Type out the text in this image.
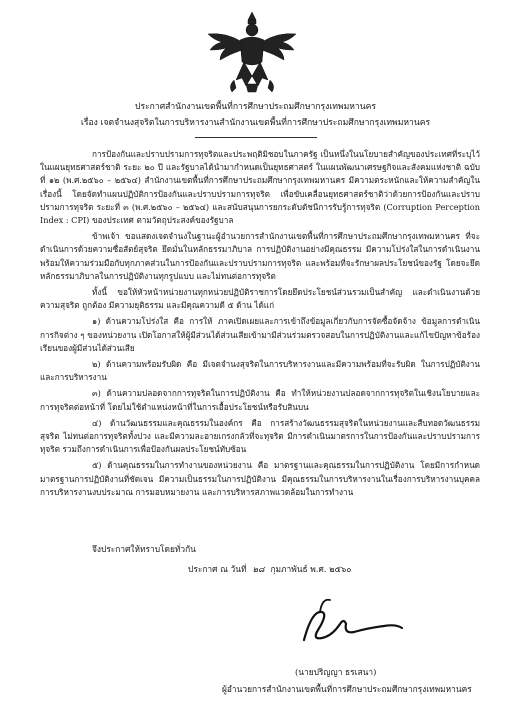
ประกาศสำนักงานเขตพื้นที่การศึกษาประถมศึกษากรุงเทพมหานคร
เรื่อง เจตจำนงสุจริตในการบริหารงานสำนักงานเขตพื้นที่การศึกษาประถมศึกษากรุงเทพมหานคร

การป้องกันและปราบปรามการทุจริตและประพฤติมิชอบในภาครัฐ เป็นหนึ่งในนโยบายสำคัญของประเทศที่ระบุไว้ในแผนยุทธศาสตร์ชาติ ระยะ ๒๐ ปี และรัฐบาลได้นำมากำหนดเป็นยุทธศาสตร์ ในแผนพัฒนาเศรษฐกิจและสังคมแห่งชาติ ฉบับที่ ๑๒ (พ.ศ.๒๕๖๐ – ๒๕๖๔) สำนักงานเขตพื้นที่การศึกษาประถมศึกษากรุงเทพมหานคร มีความตระหนักและให้ความสำคัญในเรื่องนี้ โดยจัดทำแผนปฏิบัติการป้องกันและปราบปรามการทุจริต เพื่อขับเคลื่อนยุทธศาสตร์ชาติว่าด้วยการป้องกันและปราบปรามการทุจริต ระยะที่ ๓ (พ.ศ.๒๕๖๐ – ๒๕๖๔) และสนับสนุนการยกระดับดัชนีการรับรู้การทุจริต (Corruption Perception Index : CPI) ของประเทศ ตามวัตถุประสงค์ของรัฐบาล

ข้าพเจ้า ขอแสดงเจตจำนงในฐานะผู้อำนวยการสำนักงานเขตพื้นที่การศึกษาประถมศึกษากรุงเทพมหานคร ที่จะดำเนินการด้วยความซื่อสัตย์สุจริต ยึดมั่นในหลักธรรมาภิบาล การปฏิบัติงานอย่างมีคุณธรรม มีความโปร่งใสในการดำเนินงาน พร้อมให้ความร่วมมือกับทุกภาคส่วนในการป้องกันและปราบปรามการทุจริต และพร้อมที่จะรักษาผลประโยชน์ของรัฐ โดยจะยึดหลักธรรมาภิบาลในการปฏิบัติงานทุกรูปแบบ และไม่ทนต่อการทุจริต

ทั้งนี้ ขอให้หัวหน้าหน่วยงานทุกหน่วยปฏิบัติราชการโดยยึดประโยชน์ส่วนรวมเป็นสำคัญ และดำเนินงานด้วยความสุจริต ถูกต้อง มีความยุติธรรม และมีคุณความดี ๕ ด้าน ได้แก่

๑) ด้านความโปร่งใส คือ การให้ ภาคเปิดเผยและการเข้าถึงข้อมูลเกี่ยวกับการจัดซื้อจัดจ้าง ข้อมูลการดำเนินการกิจต่าง ๆ ของหน่วยงาน เปิดโอกาสให้ผู้มีส่วนได้ส่วนเสียเข้ามามีส่วนร่วมตรวจสอบในการปฏิบัติงานและแก้ไขปัญหาข้อร้องเรียนของผู้มีส่วนได้ส่วนเสีย

๒) ด้านความพร้อมรับผิด คือ มีเจตจำนงสุจริตในการบริหารงานและมีความพร้อมที่จะรับผิด ในการปฏิบัติงานและการบริหารงาน

๓) ด้านความปลอดจากการทุจริตในการปฏิบัติงาน คือ ทำให้หน่วยงานปลอดจากการทุจริตในเชิงนโยบายและการทุจริตต่อหน้าที่ โดยไม่ใช้ตำแหน่งหน้าที่ในการเอื้อประโยชน์หรือรับสินบน

๔) ด้านวัฒนธรรมและคุณธรรมในองค์กร คือ การสร้างวัฒนธรรมสุจริตในหน่วยงานและสืบทอดวัฒนธรรมสุจริต ไม่ทนต่อการทุจริตทั้งปวง และมีความละอายเกรงกลัวที่จะทุจริต มีการดำเนินมาตรการในการป้องกันและปราบปรามการทุจริต รวมถึงการดำเนินการเพื่อป้องกันผลประโยชน์ทับซ้อน

๕) ด้านคุณธรรมในการทำงานของหน่วยงาน คือ มาตรฐานและคุณธรรมในการปฏิบัติงาน โดยมีการกำหนดมาตรฐานการปฏิบัติงานที่ชัดเจน มีความเป็นธรรมในการปฏิบัติงาน มีคุณธรรมในการบริหารงานในเรื่องการบริหารงานบุคคล การบริหารงานงบประมาณ การมอบหมายงาน และการบริหารสภาพแวดล้อมในการทำงาน

จึงประกาศให้ทราบโดยทั่วกัน
ประกาศ ณ วันที่ ๒๘ กุมภาพันธ์ พ.ศ. ๒๕๖๐
(นายปริญญา ธรเสนา)
ผู้อำนวยการสำนักงานเขตพื้นที่การศึกษาประถมศึกษากรุงเทพมหานคร
